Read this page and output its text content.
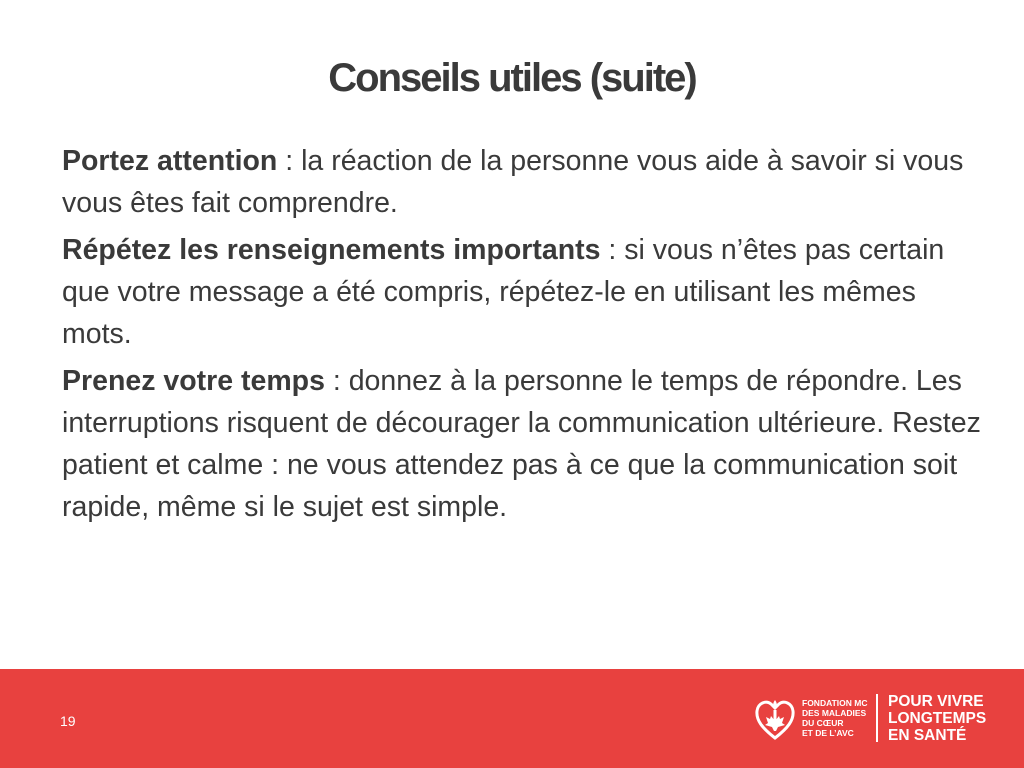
Conseils utiles (suite)

Portez attention : la réaction de la personne vous aide à savoir si vous vous êtes fait comprendre.

Répétez les renseignements importants : si vous n’êtes pas certain que votre message a été compris, répétez-le en utilisant les mêmes mots.

Prenez votre temps : donnez à la personne le temps de répondre. Les interruptions risquent de décourager la communication ultérieure. Restez patient et calme : ne vous attendez pas à ce que la communication soit rapide, même si le sujet est simple.

19
FONDATION MC
DES MALADIES
DU CŒUR
ET DE L’AVC
POUR VIVRE
LONGTEMPS
EN SANTÉ
